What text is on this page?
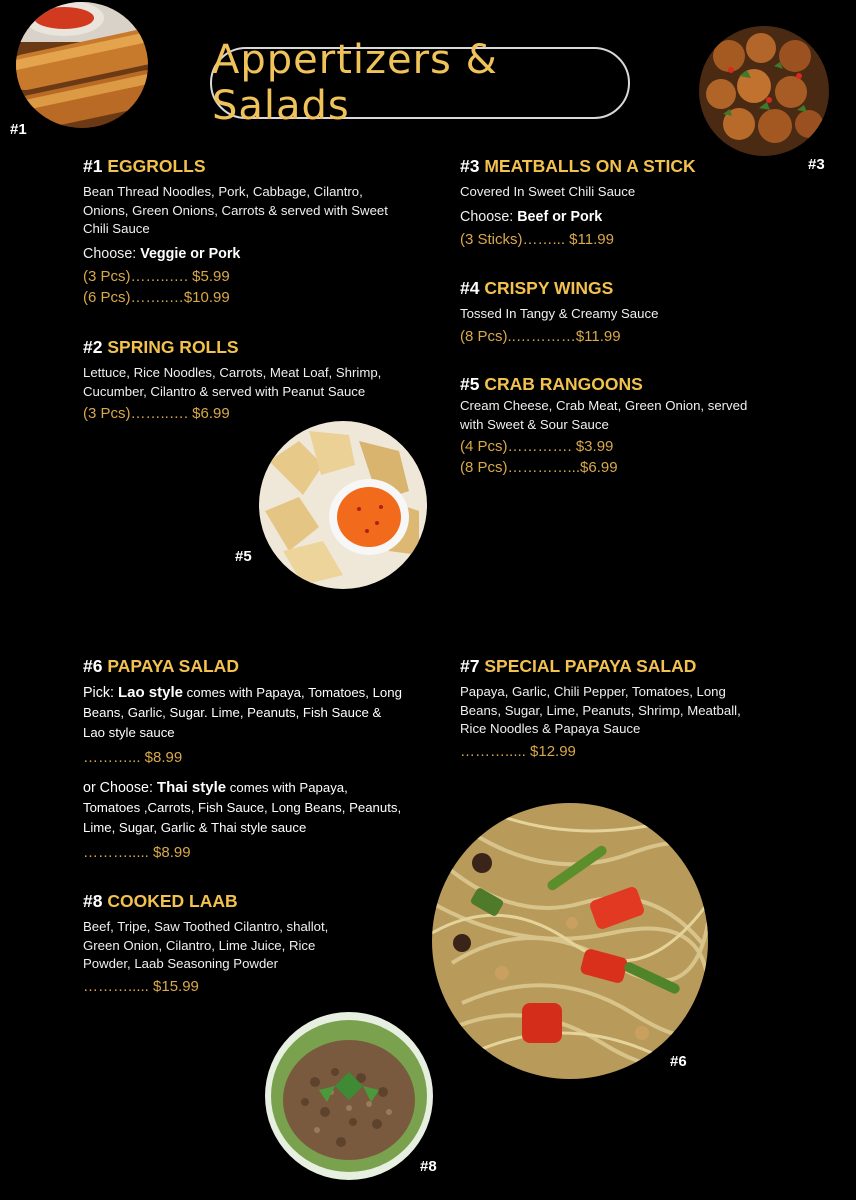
#1
#3
#5
#6
#8
Appertizers & Salads
#1 EGGROLLS
Bean Thread Noodles, Pork, Cabbage, Cilantro, Onions, Green Onions, Carrots & served with Sweet Chili Sauce
Choose: Veggie or Pork
(3 Pcs)……..…. $5.99
(6 Pcs)……..…$10.99
#2 SPRING ROLLS
Lettuce, Rice Noodles, Carrots, Meat Loaf, Shrimp, Cucumber, Cilantro & served with Peanut Sauce
(3 Pcs)……..…. $6.99
#3 MEATBALLS ON A STICK
Covered In Sweet Chili Sauce
Choose: Beef or Pork
(3 Sticks)……... $11.99
#4 CRISPY WINGS
Tossed In Tangy & Creamy Sauce
(8 Pcs)..…………$11.99
#5 CRAB RANGOONS
Cream Cheese, Crab Meat, Green Onion, served with Sweet & Sour Sauce
(4 Pcs)…………. $3.99
(8 Pcs)…………...$6.99
#6 PAPAYA SALAD
Pick: Lao style comes with Papaya, Tomatoes, Long Beans, Garlic, Sugar. Lime, Peanuts, Fish Sauce & Lao style sauce
………... $8.99
or Choose: Thai style comes with Papaya, Tomatoes ,Carrots, Fish Sauce, Long Beans, Peanuts, Lime, Sugar, Garlic & Thai style sauce
………..... $8.99
#7 SPECIAL PAPAYA SALAD
Papaya, Garlic, Chili Pepper, Tomatoes, Long Beans, Sugar, Lime, Peanuts, Shrimp, Meatball, Rice Noodles & Papaya Sauce
………..... $12.99
#8 COOKED LAAB
Beef, Tripe, Saw Toothed Cilantro, shallot, Green Onion, Cilantro, Lime Juice, Rice Powder, Laab Seasoning Powder
………..... $15.99
